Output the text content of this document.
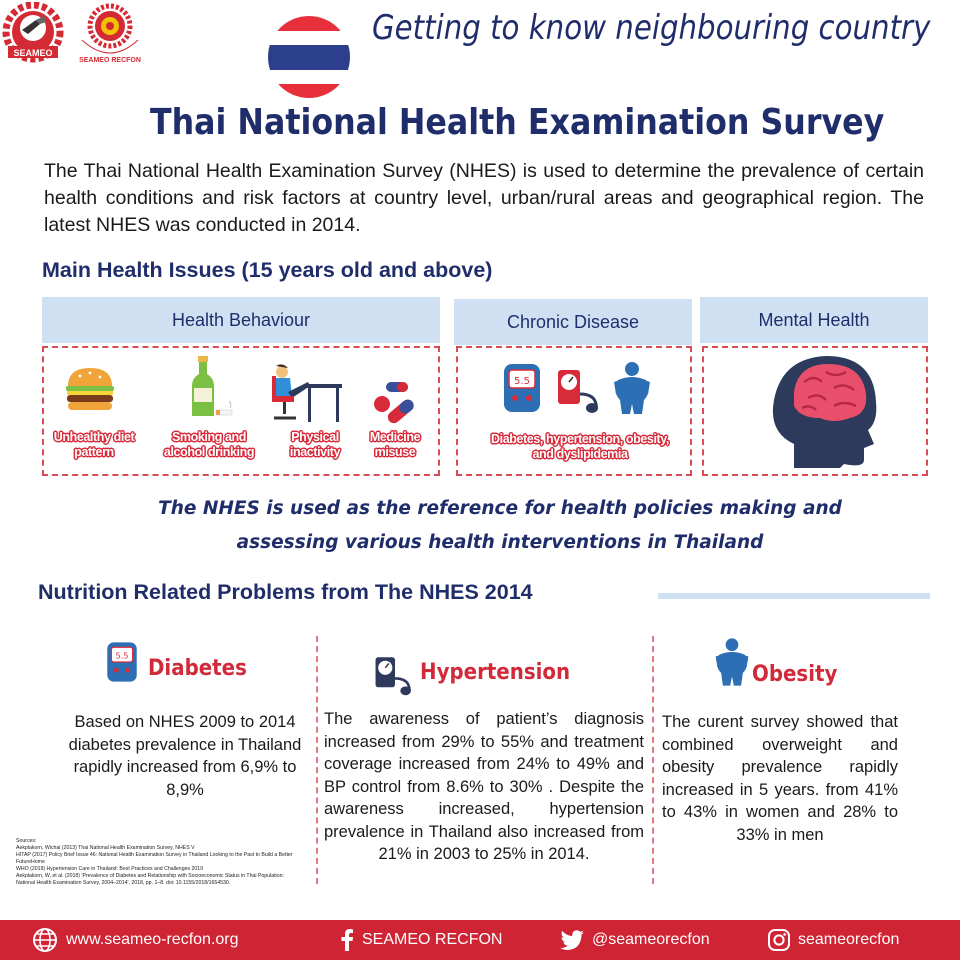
SEAMEO
SEAMEO RECFON
Getting to know neighbouring country
Thai National Health Examination Survey
The Thai National Health Examination Survey (NHES) is used to determine the prevalence of certain health conditions and risk factors at country level, urban/rural areas and geographical region. The latest NHES was conducted in 2014.
Main Health Issues (15 years old and above)
Health Behaviour	Chronic Disease	Mental Health
Unhealthy diet pattern
Smoking and alcohol drinking
Physical inactivity
Medicine misuse
5.5
Diabetes, hypertension, obesity, and dyslipidemia
The NHES is used as the reference for health policies making and assessing various health interventions in Thailand
Nutrition Related Problems from The NHES 2014
5.5
Diabetes	Hypertension	Obesity
Based on NHES 2009 to 2014 diabetes prevalence in Thailand rapidly increased from 6,9% to 8,9%
The awareness of patient’s diagnosis increased from 29% to 55% and treatment coverage increased from 24% to 49% and BP control from 8.6% to 30% . Despite the awareness increased, hypertension prevalence in Thailand also increased from 21% in 2003 to 25% in 2014.
The curent survey showed that combined overweight and obesity prevalence rapidly increased in 5 years. from 41% to 43% in women and 28% to 33% in men
Sources:
Aekplakorn, Wichai (2013) Thai National Health Examination Survey, NHES V
HITAP (2017) Policy Brief Issue 46: National Health Examination Survey in Thailand Looking to the Past to Build a Better FutureHome
WHO (2019) Hypertension Care in Thailand: Best Practices and Challenges 2019
Aekplakorn, W, et al. (2018) 'Prevalence of Diabetes and Relationship with Socioeconomic Status in Thai Population: National Health Examination Survey, 2004–2014', 2018, pp. 1–8. doi: 10.1155/2018/1654530.
www.seameo-recfon.org	SEAMEO RECFON	@seameorecfon	seameorecfon
